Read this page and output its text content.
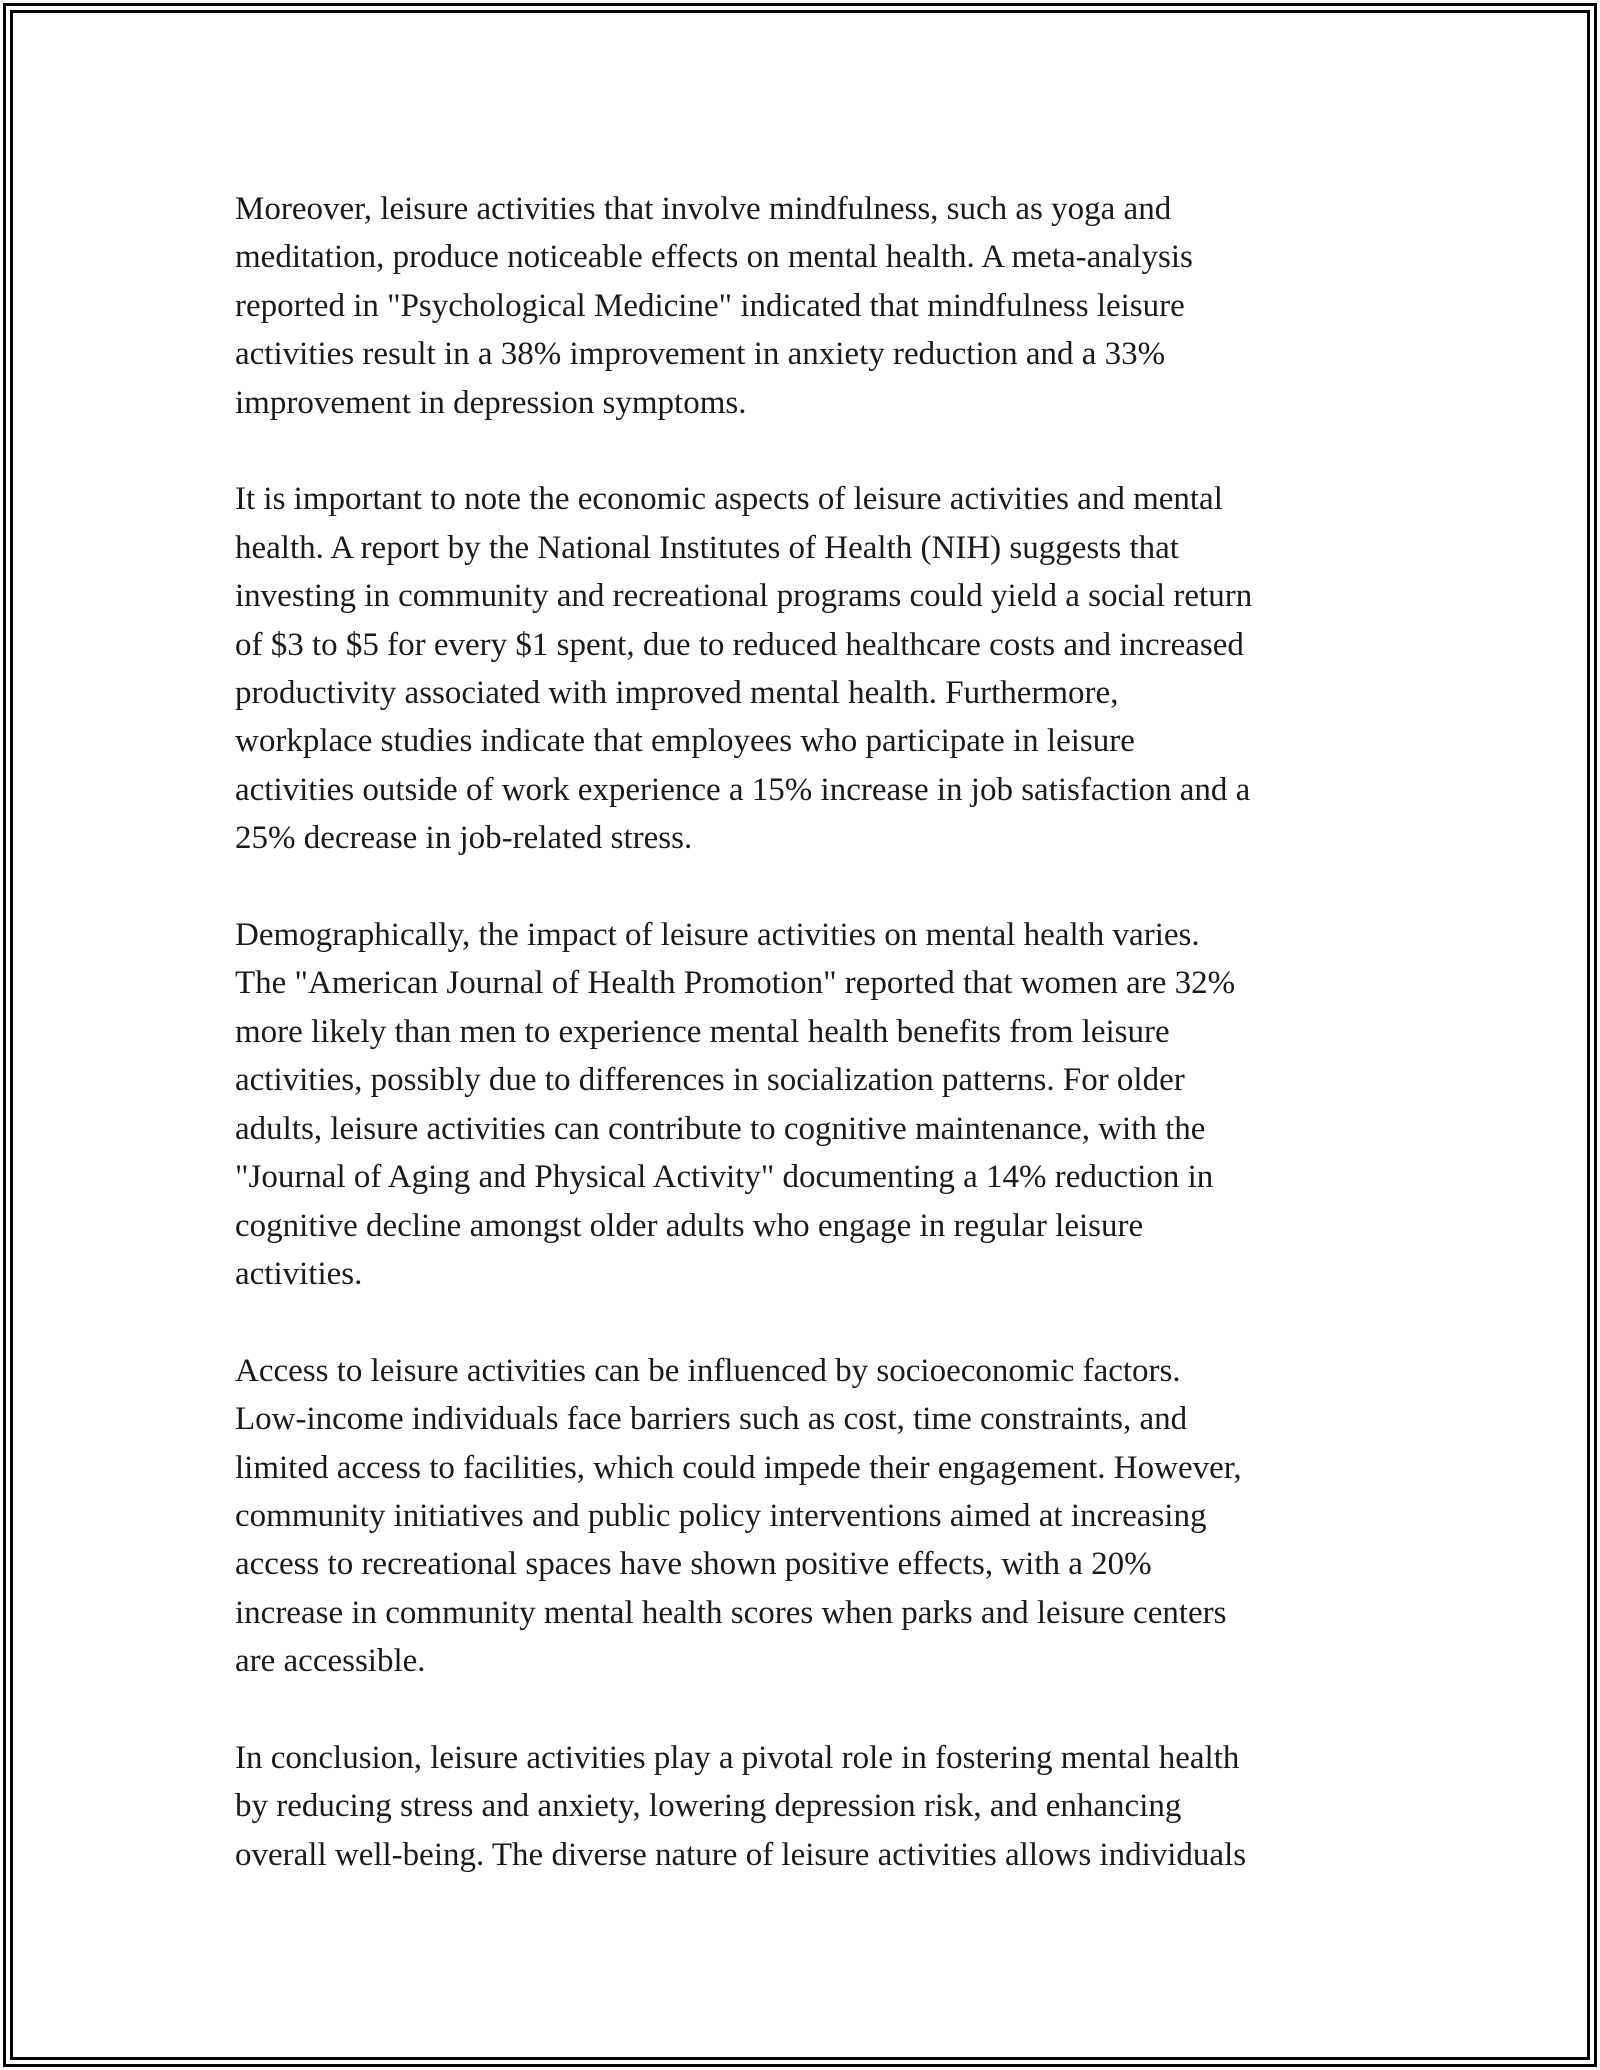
Moreover, leisure activities that involve mindfulness, such as yoga and
meditation, produce noticeable effects on mental health. A meta-analysis
reported in "Psychological Medicine" indicated that mindfulness leisure
activities result in a 38% improvement in anxiety reduction and a 33%
improvement in depression symptoms.

It is important to note the economic aspects of leisure activities and mental
health. A report by the National Institutes of Health (NIH) suggests that
investing in community and recreational programs could yield a social return
of $3 to $5 for every $1 spent, due to reduced healthcare costs and increased
productivity associated with improved mental health. Furthermore,
workplace studies indicate that employees who participate in leisure
activities outside of work experience a 15% increase in job satisfaction and a
25% decrease in job-related stress.

Demographically, the impact of leisure activities on mental health varies.
The "American Journal of Health Promotion" reported that women are 32%
more likely than men to experience mental health benefits from leisure
activities, possibly due to differences in socialization patterns. For older
adults, leisure activities can contribute to cognitive maintenance, with the
"Journal of Aging and Physical Activity" documenting a 14% reduction in
cognitive decline amongst older adults who engage in regular leisure
activities.

Access to leisure activities can be influenced by socioeconomic factors.
Low-income individuals face barriers such as cost, time constraints, and
limited access to facilities, which could impede their engagement. However,
community initiatives and public policy interventions aimed at increasing
access to recreational spaces have shown positive effects, with a 20%
increase in community mental health scores when parks and leisure centers
are accessible.

In conclusion, leisure activities play a pivotal role in fostering mental health
by reducing stress and anxiety, lowering depression risk, and enhancing
overall well-being. The diverse nature of leisure activities allows individuals
